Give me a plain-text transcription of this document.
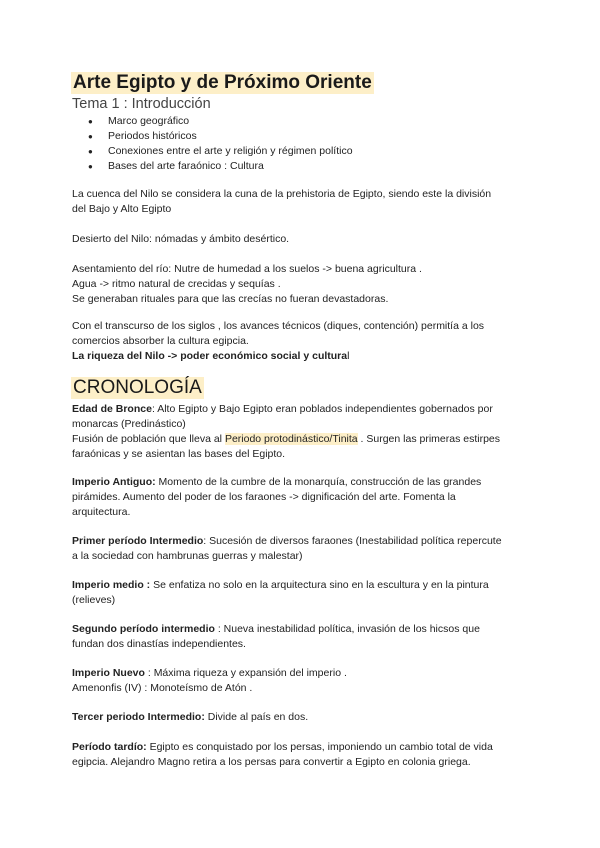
Arte Egipto y de Próximo Oriente
Tema 1 : Introducción
● Marco geográfico
● Periodos históricos
● Conexiones entre el arte y religión y régimen político
● Bases del arte faraónico : Cultura
La cuenca del Nilo se considera la cuna de la prehistoria de Egipto, siendo este la división
del Bajo y Alto Egipto
Desierto del Nilo: nómadas y ámbito desértico.
Asentamiento del río: Nutre de humedad a los suelos -> buena agricultura .
Agua -> ritmo natural de crecidas y sequías .
Se generaban rituales para que las crecías no fueran devastadoras.
Con el transcurso de los siglos , los avances técnicos (diques, contención) permitía a los
comercios absorber la cultura egipcia.
La riqueza del Nilo -> poder económico social y cultural
CRONOLOGÍA
Edad de Bronce: Alto Egipto y Bajo Egipto eran poblados independientes gobernados por
monarcas (Predinástico)
Fusión de población que lleva al Periodo protodinástico/Tinita . Surgen las primeras estirpes
faraónicas y se asientan las bases del Egipto.
Imperio Antiguo: Momento de la cumbre de la monarquía, construcción de las grandes
pirámides. Aumento del poder de los faraones -> dignificación del arte. Fomenta la
arquitectura.
Primer período Intermedio: Sucesión de diversos faraones (Inestabilidad política repercute
a la sociedad con hambrunas guerras y malestar)
Imperio medio : Se enfatiza no solo en la arquitectura sino en la escultura y en la pintura
(relieves)
Segundo período intermedio : Nueva inestabilidad política, invasión de los hicsos que
fundan dos dinastías independientes.
Imperio Nuevo : Máxima riqueza y expansión del imperio .
Amenonfis (IV) : Monoteísmo de Atón .
Tercer periodo Intermedio: Divide al país en dos.
Período tardío: Egipto es conquistado por los persas, imponiendo un cambio total de vida
egipcia. Alejandro Magno retira a los persas para convertir a Egipto en colonia griega.
